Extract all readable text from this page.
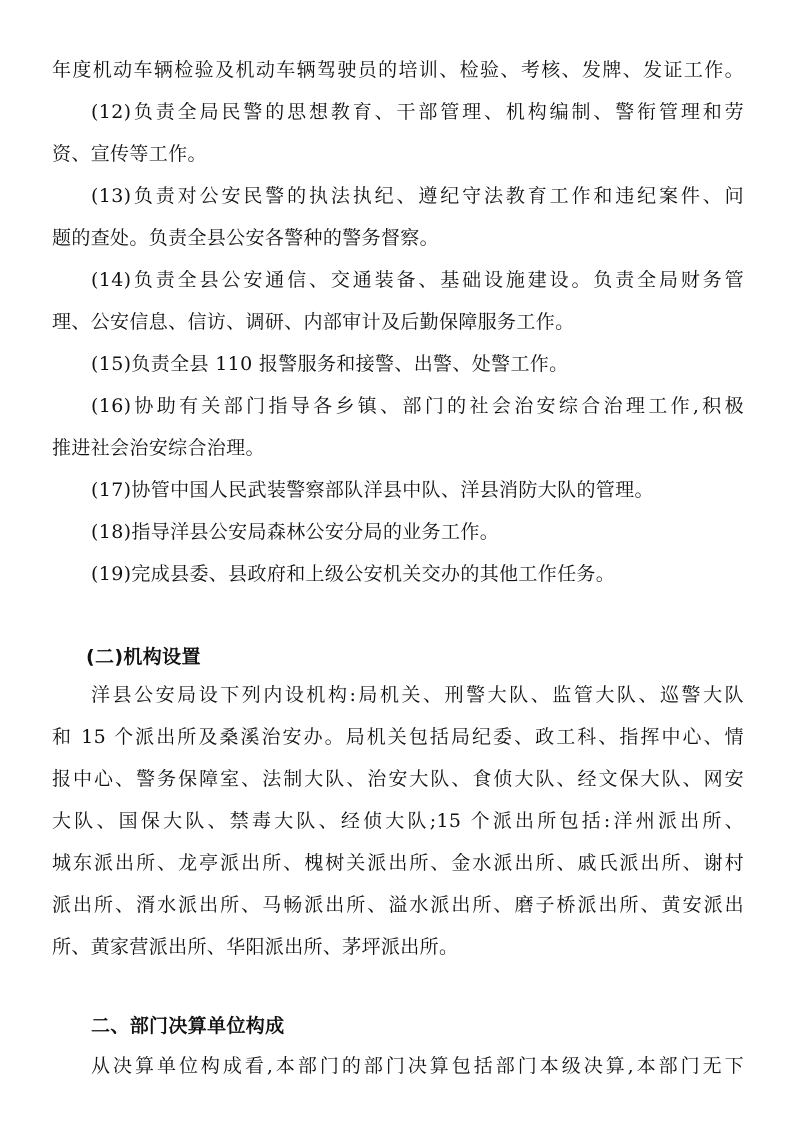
年度机动车辆检验及机动车辆驾驶员的培训、检验、考核、发牌、发证工作。
(12)负责全局民警的思想教育、干部管理、机构编制、警衔管理和劳
资、宣传等工作。
(13)负责对公安民警的执法执纪、遵纪守法教育工作和违纪案件、问
题的查处。负责全县公安各警种的警务督察。
(14)负责全县公安通信、交通装备、基础设施建设。负责全局财务管
理、公安信息、信访、调研、内部审计及后勤保障服务工作。
(15)负责全县 110 报警服务和接警、出警、处警工作。
(16)协助有关部门指导各乡镇、部门的社会治安综合治理工作,积极
推进社会治安综合治理。
(17)协管中国人民武装警察部队洋县中队、洋县消防大队的管理。
(18)指导洋县公安局森林公安分局的业务工作。
(19)完成县委、县政府和上级公安机关交办的其他工作任务。
(二)机构设置
洋县公安局设下列内设机构:局机关、刑警大队、监管大队、巡警大队
和 15 个派出所及桑溪治安办。局机关包括局纪委、政工科、指挥中心、情
报中心、警务保障室、法制大队、治安大队、食侦大队、经文保大队、网安
大队、国保大队、禁毒大队、经侦大队;15 个派出所包括:洋州派出所、
城东派出所、龙亭派出所、槐树关派出所、金水派出所、戚氏派出所、谢村
派出所、湑水派出所、马畅派出所、溢水派出所、磨子桥派出所、黄安派出
所、黄家营派出所、华阳派出所、茅坪派出所。
二、部门决算单位构成
从决算单位构成看,本部门的部门决算包括部门本级决算,本部门无下
